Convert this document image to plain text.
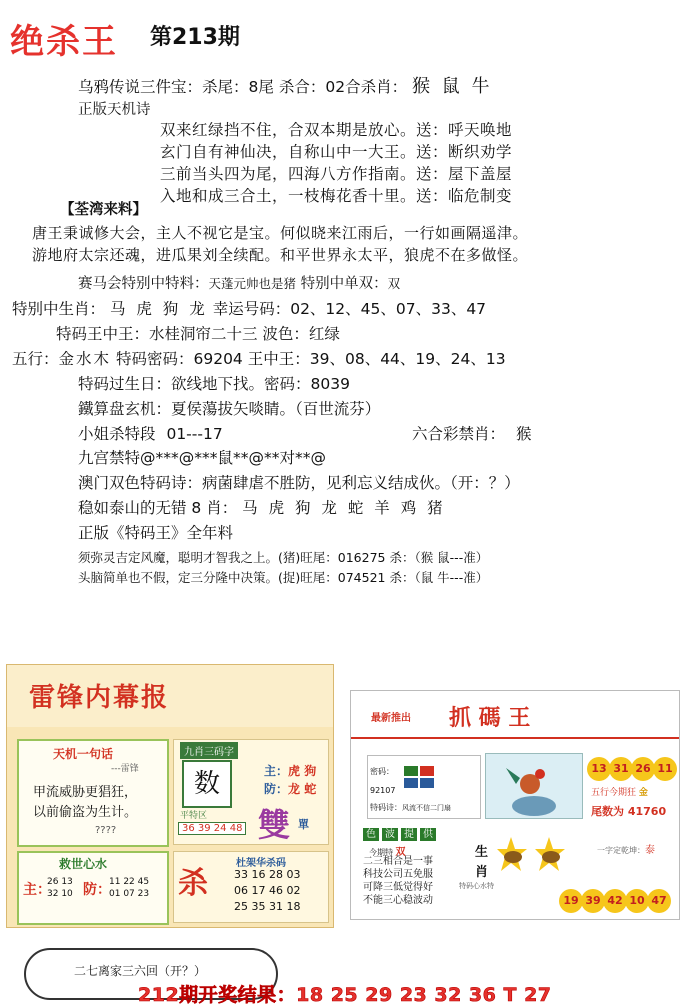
绝杀王 第213期
乌鸦传说三件宝：杀尾：8尾 杀合：02合杀肖： 猴 鼠 牛
正版天机诗
双来红绿挡不住，合双本期是放心。送：呼天唤地
玄门自有神仙决，自称山中一大王。送：断织劝学
三前当头四为尾，四海八方作指南。送：屋下盖屋
入地和成三合土，一枝梅花香十里。送：临危制变
【荃湾来料】
唐王秉诚修大会，主人不视它是宝。何似晓来江雨后，一行如画隔遥津。
游地府太宗还魂，进瓜果刘全续配。和平世界永太平，狼虎不在多做怪。
赛马会特别中特料：天蓬元帅也是猪 特别中单双：双
特别中生肖： 马 虎 狗 龙 幸运号码：02、12、45、07、33、47
特码王中王：水桂洞帘二十三 波色：红绿
五行：金水木 特码密码：69204 王中王：39、08、44、19、24、13
特码过生日：欲线地下找。密码：8039
鐵算盘玄机：夏侯蕩拔矢啖睛。（百世流芬）
小姐杀特段 01---17	六合彩禁肖： 猴
九宫禁特@***@***鼠**@**对**@
澳门双色特码诗：病菌肆虐不胜防，见利忘义结成伙。（开：？）
稳如泰山的无错 8 肖： 马 虎 狗 龙 蛇 羊 鸡 猪
正版《特码王》全年料
须弥灵吉定风魔，聪明才智我之上。(猪)旺尾：016275 杀：（猴 鼠---准）
头脑简单也不假，定三分隆中决策。(捉)旺尾：074521 杀：（鼠 牛---准）
雷锋内幕报
天机一句话
---雷锋
甲流威胁更猖狂，
以前偷盗为生计。
????
九肖三码字
数	主：虎 狗
防：龙 蛇
平特区
36 39 24 48 雙 單
救世心水
主：
26 13
32 10 防：
11 22 45
01 07 23 杀
杜架华杀码
33 16 28 03
06 17 46 02
25 35 31 18
最新推出 抓 碼 王
密码：
92107
特码诗：风流不信二门扇
13 31 26 11
五行今期狂 金
尾数为 41760
色 波 提 供
今期特 双
二三相合是一事
科技公司五免服
可降三低觉得好
不能三心稳波动
生
肖
特码心水特
一字定乾坤：泰
19 39 42 10 47
二七离家三六回（开？）
212期开奖结果：18 25 29 23 32 36 T 27
